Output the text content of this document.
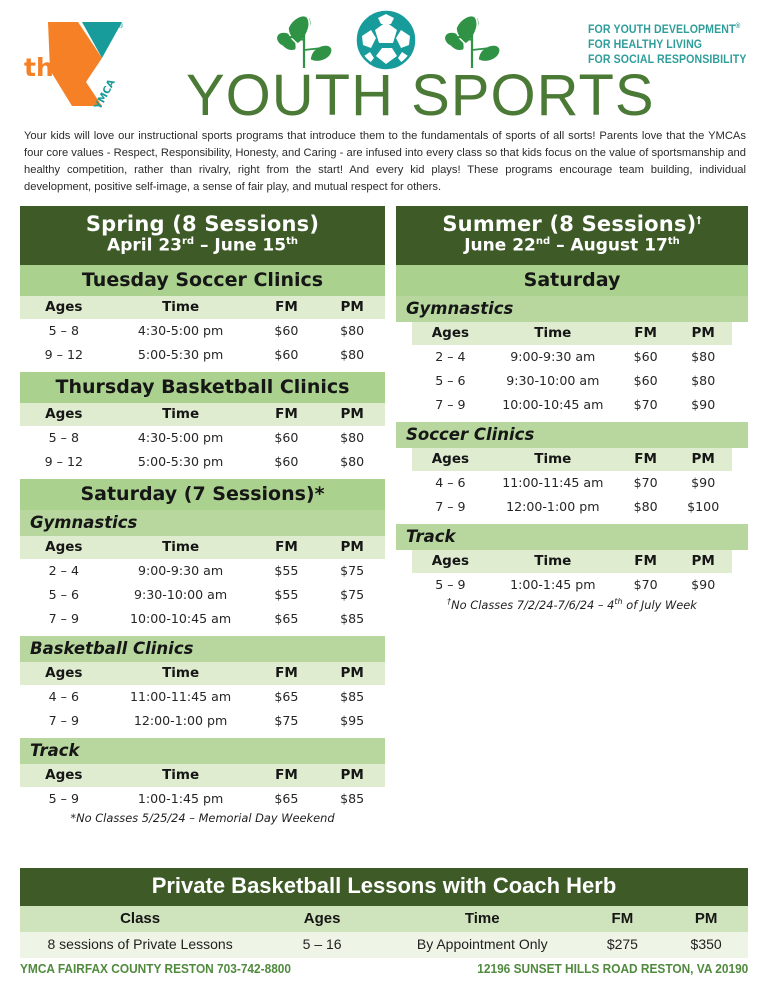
the
YMCA
®	FOR YOUTH DEVELOPMENT®
FOR HEALTHY LIVING
FOR SOCIAL RESPONSIBILITY
YOUTH SPORTS
Your kids will love our instructional sports programs that introduce them to the fundamentals of sports of all sorts! Parents love that the YMCAs four core values - Respect, Responsibility, Honesty, and Caring - are infused into every class so that kids focus on the value of sportsmanship and healthy competition, rather than rivalry, right from the start! And every kid plays! These programs encourage team building, individual development, positive self-image, a sense of fair play, and mutual respect for others.
Spring (8 Sessions)
April 23rd – June 15th
Tuesday Soccer Clinics
Ages	Time	FM	PM
5 – 8	4:30-5:00 pm	$60	$80
9 – 12	5:00-5:30 pm	$60	$80
Thursday Basketball Clinics
Ages	Time	FM	PM
5 – 8	4:30-5:00 pm	$60	$80
9 – 12	5:00-5:30 pm	$60	$80
Saturday (7 Sessions)*
Gymnastics
Ages	Time	FM	PM
2 – 4	9:00-9:30 am	$55	$75
5 – 6	9:30-10:00 am	$55	$75
7 – 9	10:00-10:45 am	$65	$85
Basketball Clinics
Ages	Time	FM	PM
4 – 6	11:00-11:45 am	$65	$85
7 – 9	12:00-1:00 pm	$75	$95
Track
Ages	Time	FM	PM
5 – 9	1:00-1:45 pm	$65	$85
*No Classes 5/25/24 – Memorial Day Weekend
Summer (8 Sessions)†
June 22nd – August 17th
Saturday
Gymnastics
Ages	Time	FM	PM
2 – 4	9:00-9:30 am	$60	$80
5 – 6	9:30-10:00 am	$60	$80
7 – 9	10:00-10:45 am	$70	$90
Soccer Clinics
Ages	Time	FM	PM
4 – 6	11:00-11:45 am	$70	$90
7 – 9	12:00-1:00 pm	$80	$100
Track
Ages	Time	FM	PM
5 – 9	1:00-1:45 pm	$70	$90
†No Classes 7/2/24-7/6/24 – 4th of July Week
Private Basketball Lessons with Coach Herb
Class	Ages	Time	FM	PM
8 sessions of Private Lessons	5 – 16	By Appointment Only	$275	$350
YMCA FAIRFAX COUNTY RESTON 703-742-8800	12196 SUNSET HILLS ROAD RESTON, VA 20190
